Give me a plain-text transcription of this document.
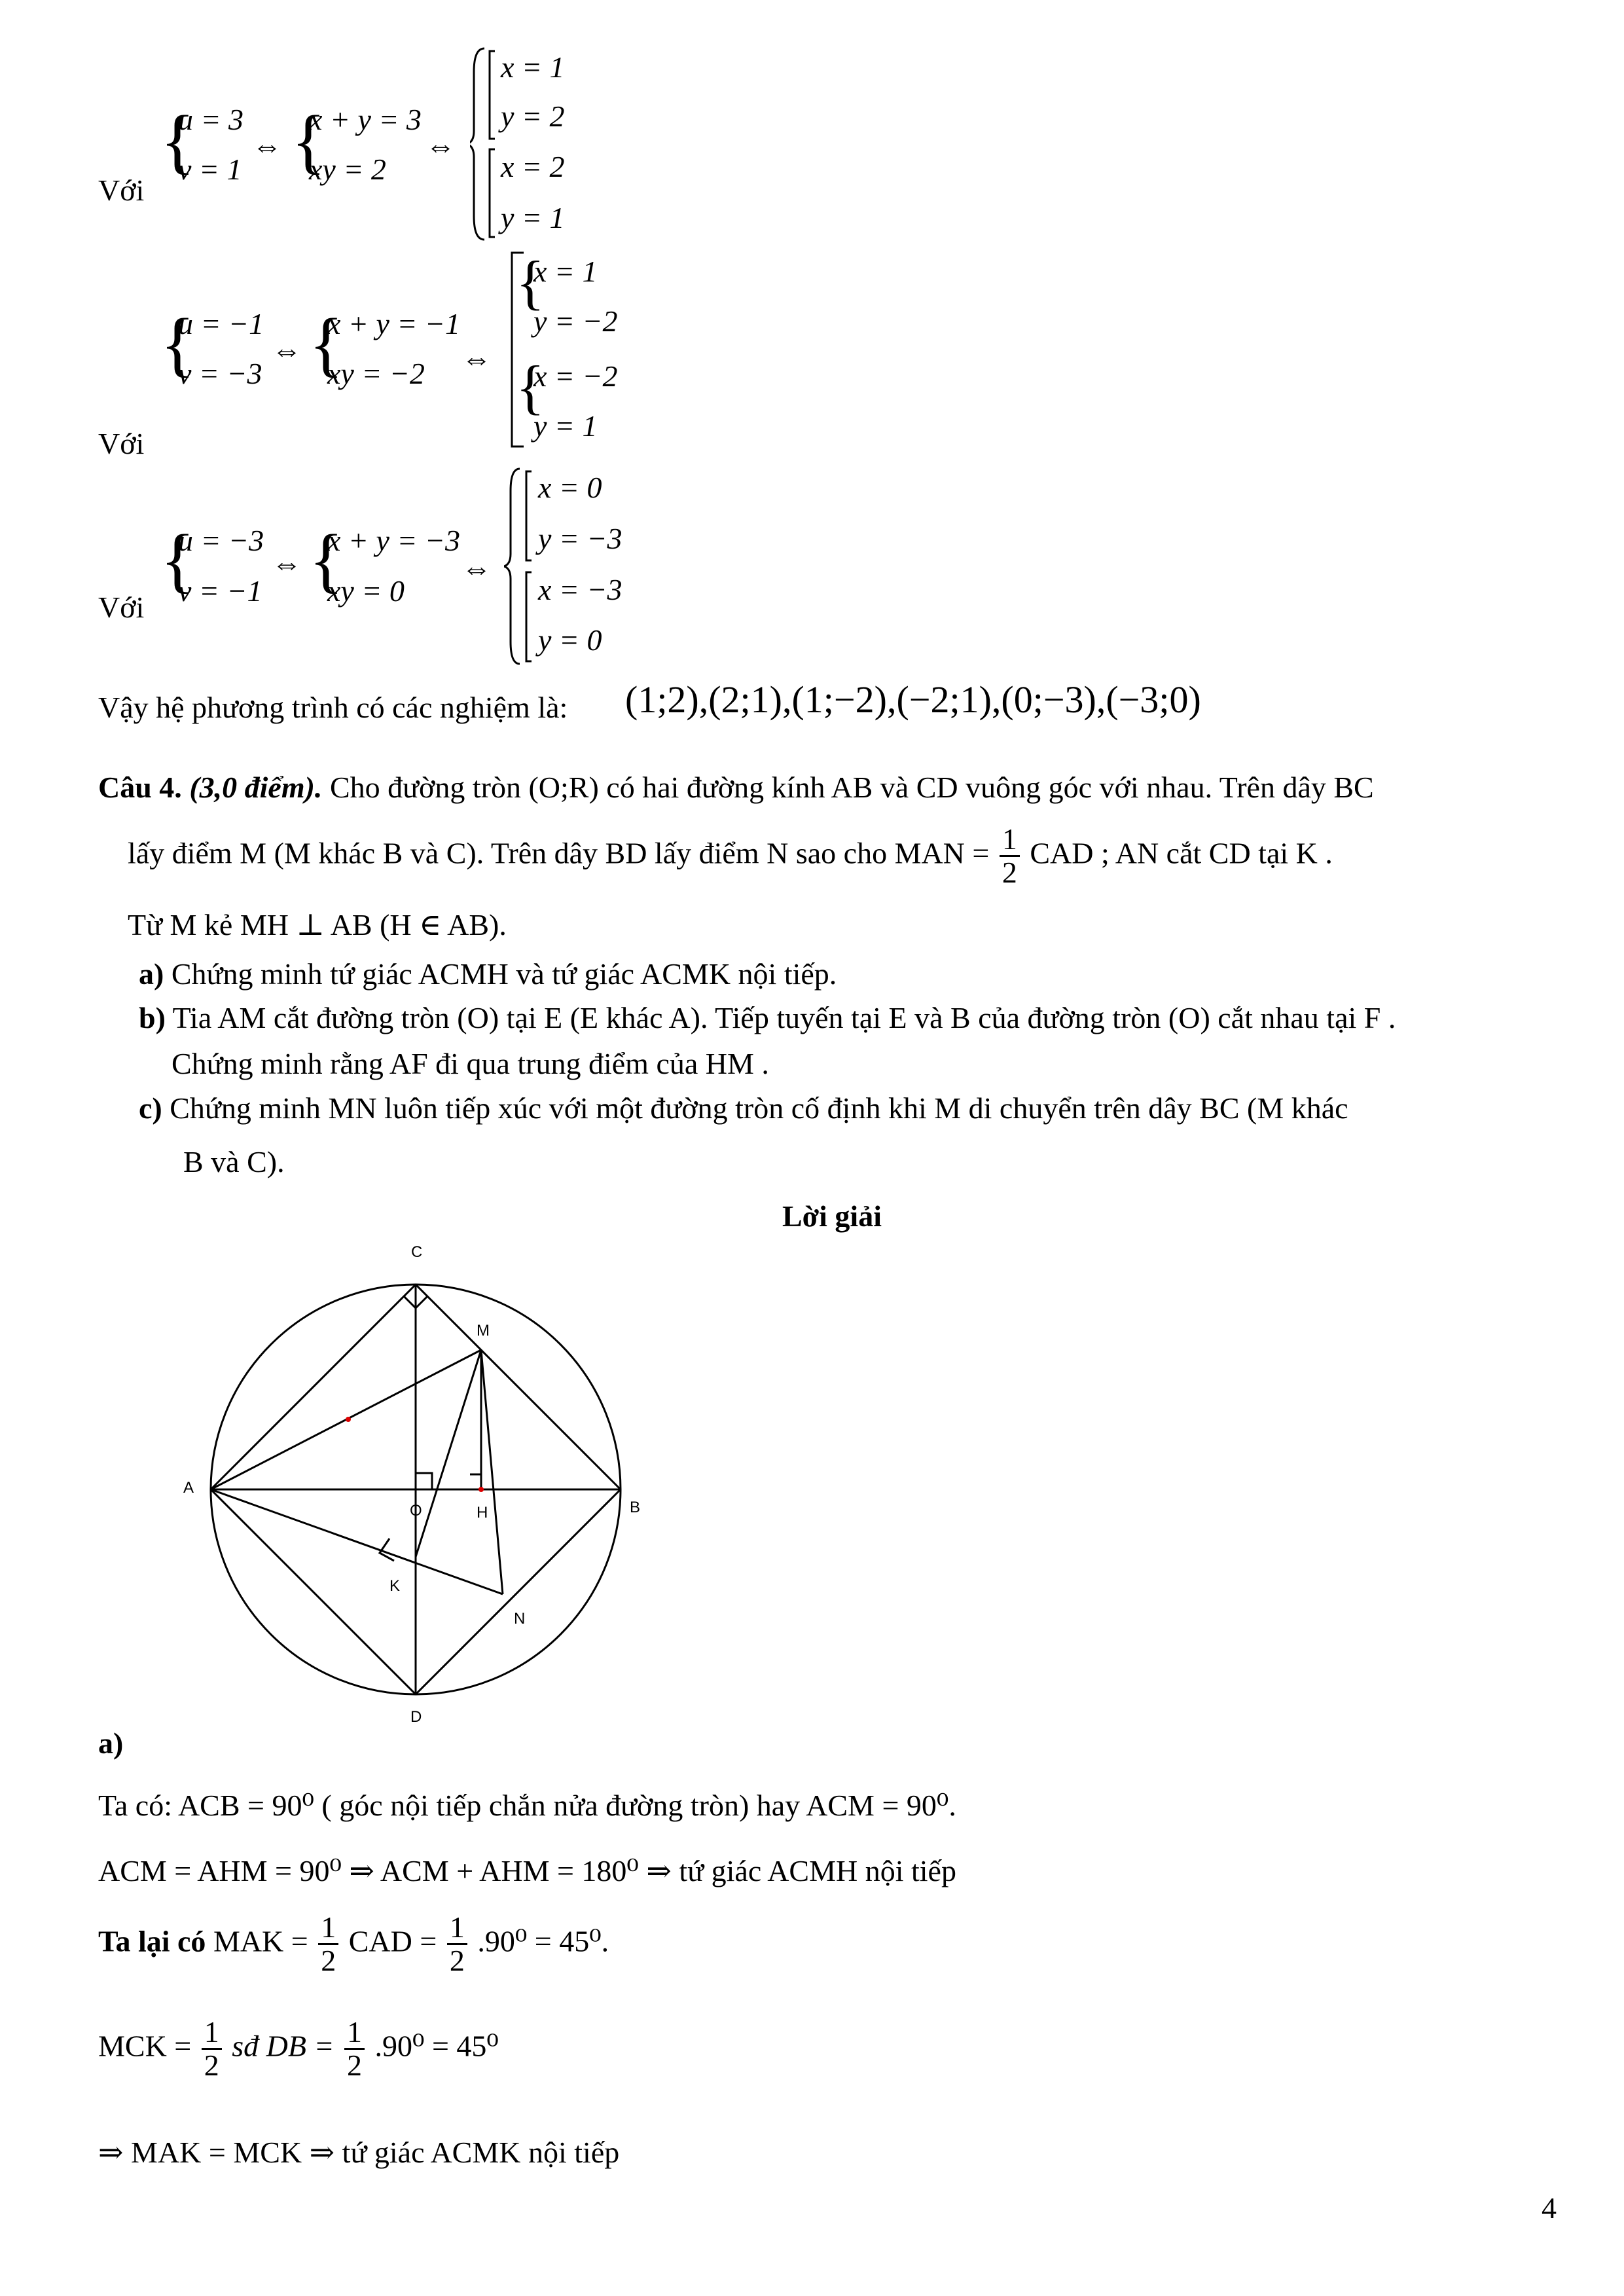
Với
{
u = 3
v = 1
⇔ {
x + y = 3
xy = 2
⇔
x = 1
y = 2
x = 2
y = 1
Với
{
u = −1
v = −3
⇔ {
x + y = −1
xy = −2 ⇔
{
x = 1
y = −2
{
x = −2
y = 1
Với
{
u = −3
v = −1
⇔ {
x + y = −3
xy = 0
⇔
x = 0
y = −3
x = −3
y = 0
Vậy hệ phương trình có các nghiệm là: (1;2),(2;1),(1;−2),(−2;1),(0;−3),(−3;0)
Câu 4. (3,0 điểm). Cho đường tròn (O;R) có hai đường kính AB và CD vuông góc với nhau. Trên dây BC
lấy điểm M (M khác B và C). Trên dây BD lấy điểm N sao cho MAN = $\frac{1}{2}$ CAD ; AN cắt CD tại K .
Từ M kẻ MH ⊥ AB (H ∈ AB).
a) Chứng minh tứ giác ACMH và tứ giác ACMK nội tiếp.
b) Tia AM cắt đường tròn (O) tại E (E khác A). Tiếp tuyến tại E và B của đường tròn (O) cắt nhau tại F .
Chứng minh rằng AF đi qua trung điểm của HM .
c) Chứng minh MN luôn tiếp xúc với một đường tròn cố định khi M di chuyển trên dây BC (M khác
B và C).
Lời giải
C
M
A
O	H	B
K
N
D
a)
Ta có: ACB = 90⁰ ( góc nội tiếp chắn nửa đường tròn) hay ACM = 90⁰.
ACM = AHM = 90⁰ ⇒ ACM + AHM = 180⁰ ⇒ tứ giác ACMH nội tiếp
Ta lại có MAK = $\frac{1}{2}$ CAD = $\frac{1}{2} .90^0 = 45^0$.
MCK = $\frac{1}{2}$ sđ DB = $\frac{1}{2} .90^0 = 45^0$
⇒ MAK = MCK ⇒ tứ giác ACMK nội tiếp
4
